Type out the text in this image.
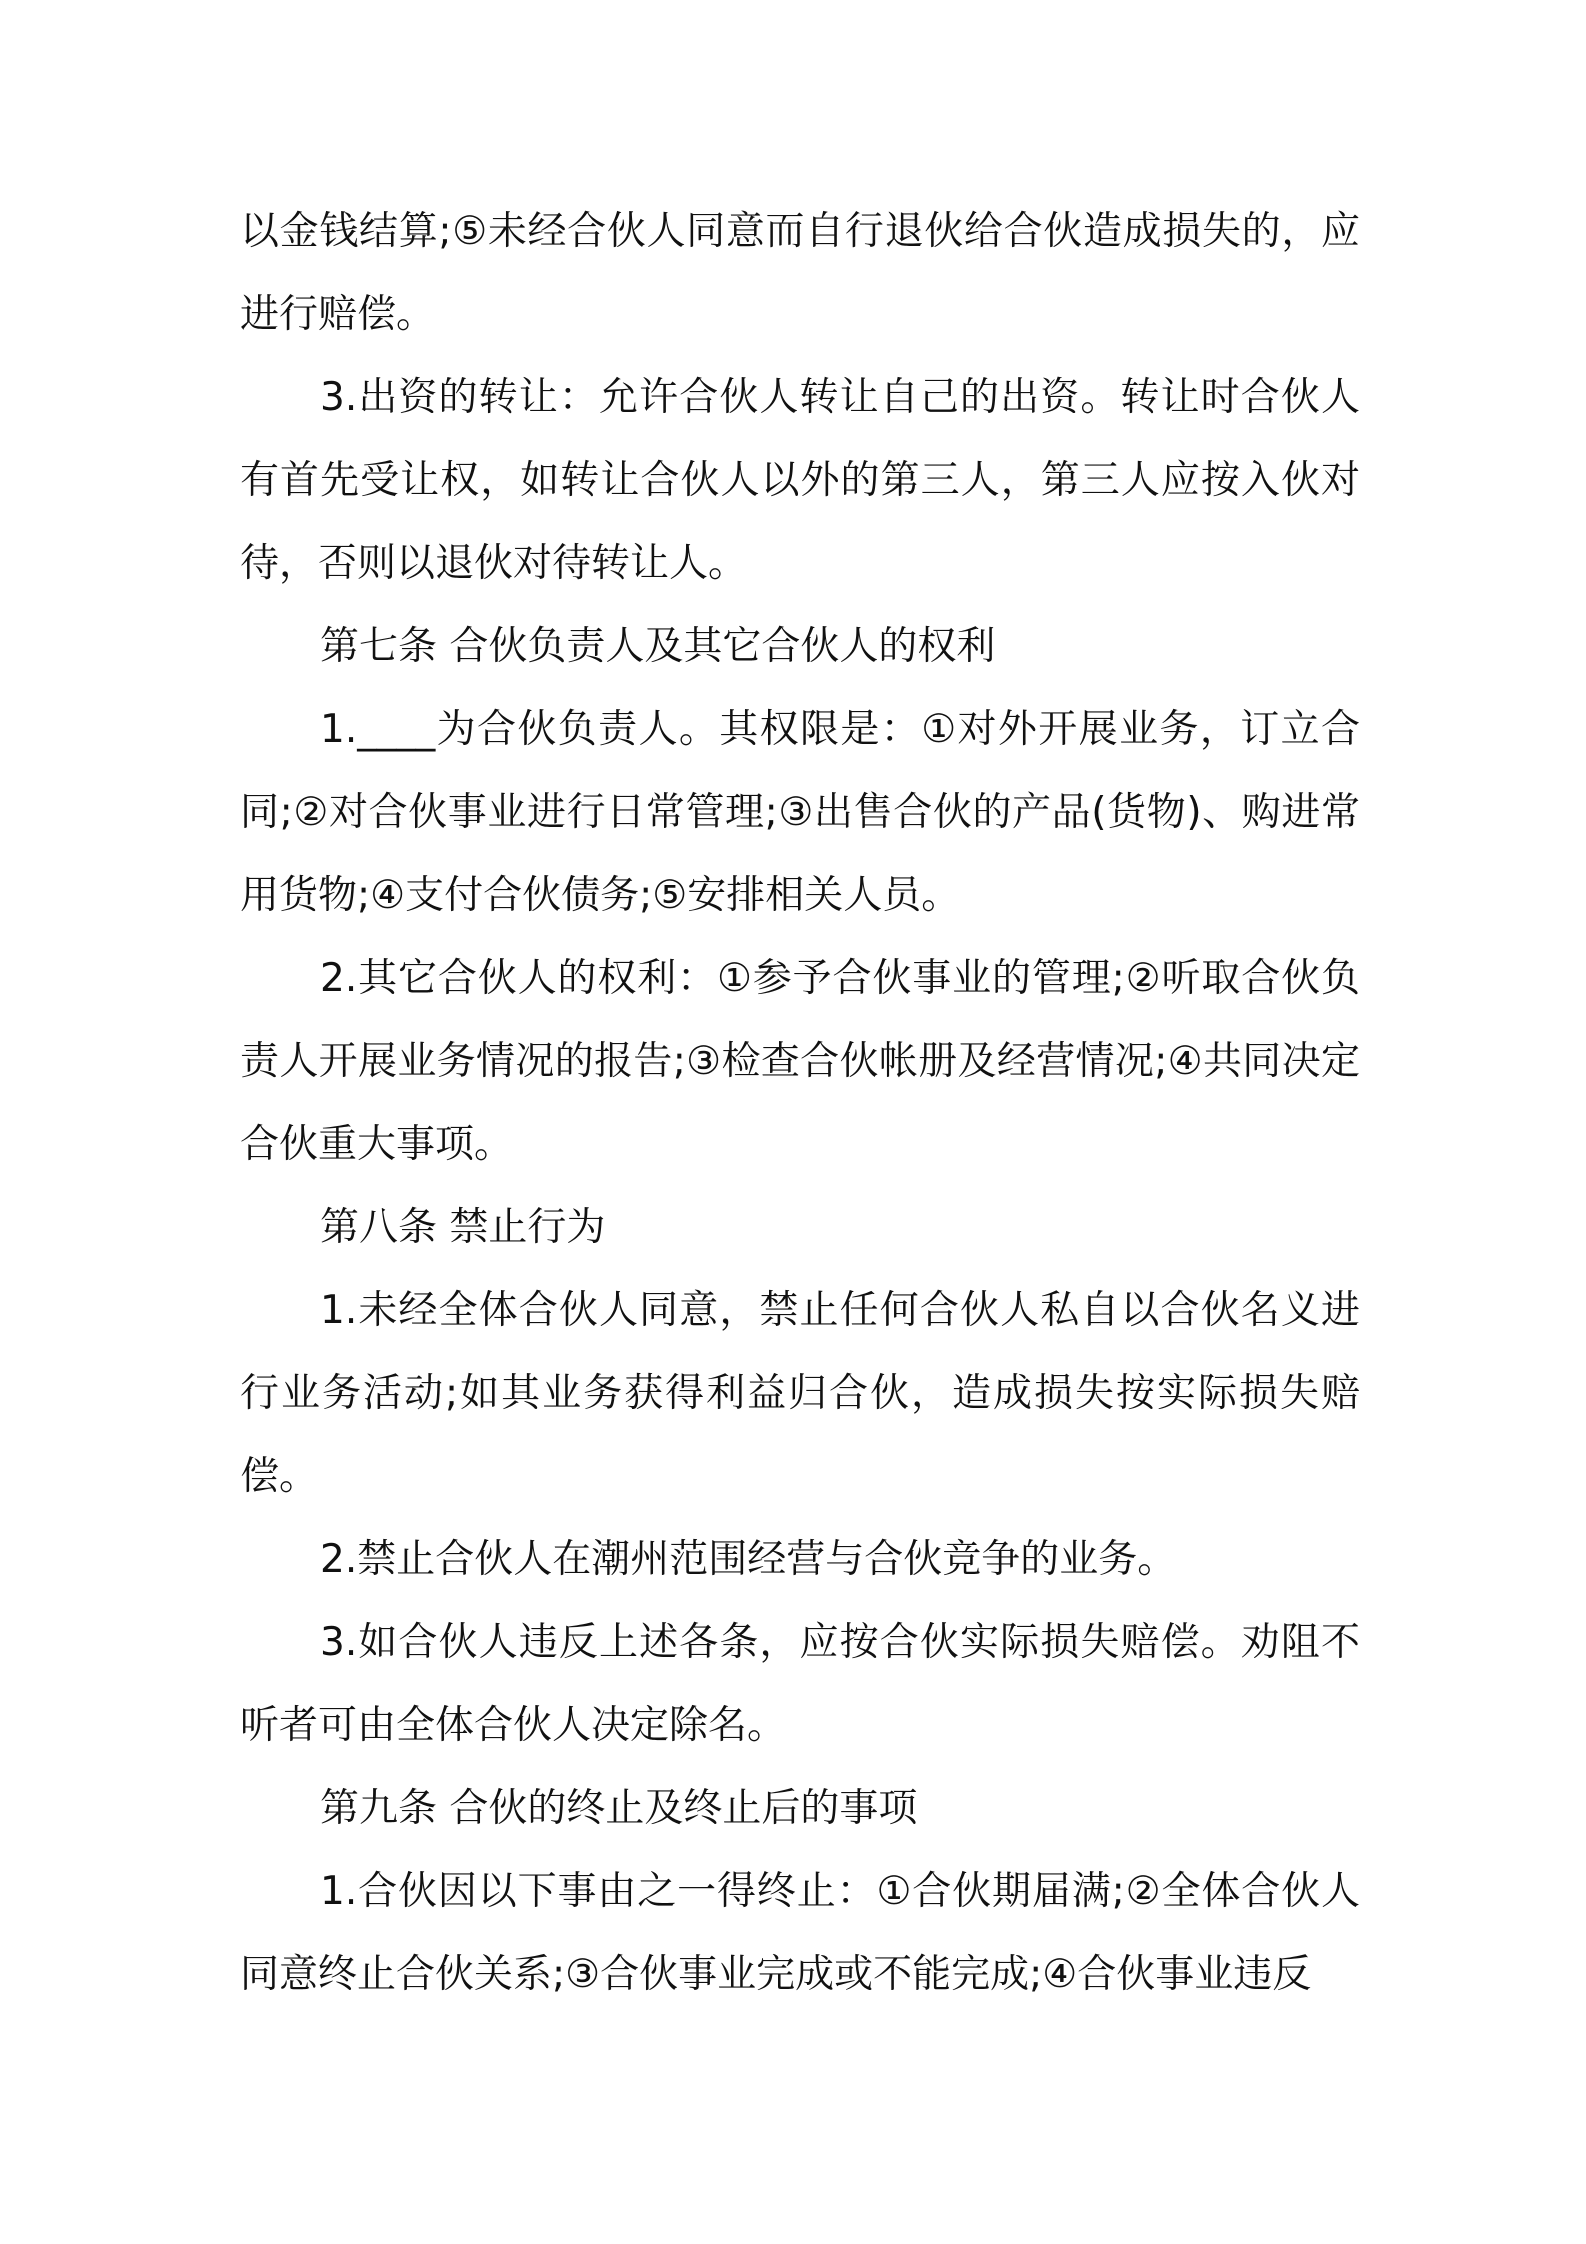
以金钱结算;⑤未经合伙人同意而自行退伙给合伙造成损失的，应进行赔偿。

3.出资的转让：允许合伙人转让自己的出资。转让时合伙人有首先受让权，如转让合伙人以外的第三人，第三人应按入伙对待，否则以退伙对待转让人。

第七条 合伙负责人及其它合伙人的权利

1.____为合伙负责人。其权限是：①对外开展业务，订立合同;②对合伙事业进行日常管理;③出售合伙的产品(货物)、购进常用货物;④支付合伙债务;⑤安排相关人员。

2.其它合伙人的权利：①参予合伙事业的管理;②听取合伙负责人开展业务情况的报告;③检查合伙帐册及经营情况;④共同决定合伙重大事项。

第八条 禁止行为

1.未经全体合伙人同意，禁止任何合伙人私自以合伙名义进行业务活动;如其业务获得利益归合伙，造成损失按实际损失赔偿。

2.禁止合伙人在潮州范围经营与合伙竞争的业务。

3.如合伙人违反上述各条，应按合伙实际损失赔偿。劝阻不听者可由全体合伙人决定除名。

第九条 合伙的终止及终止后的事项

1.合伙因以下事由之一得终止：①合伙期届满;②全体合伙人同意终止合伙关系;③合伙事业完成或不能完成;④合伙事业违反
